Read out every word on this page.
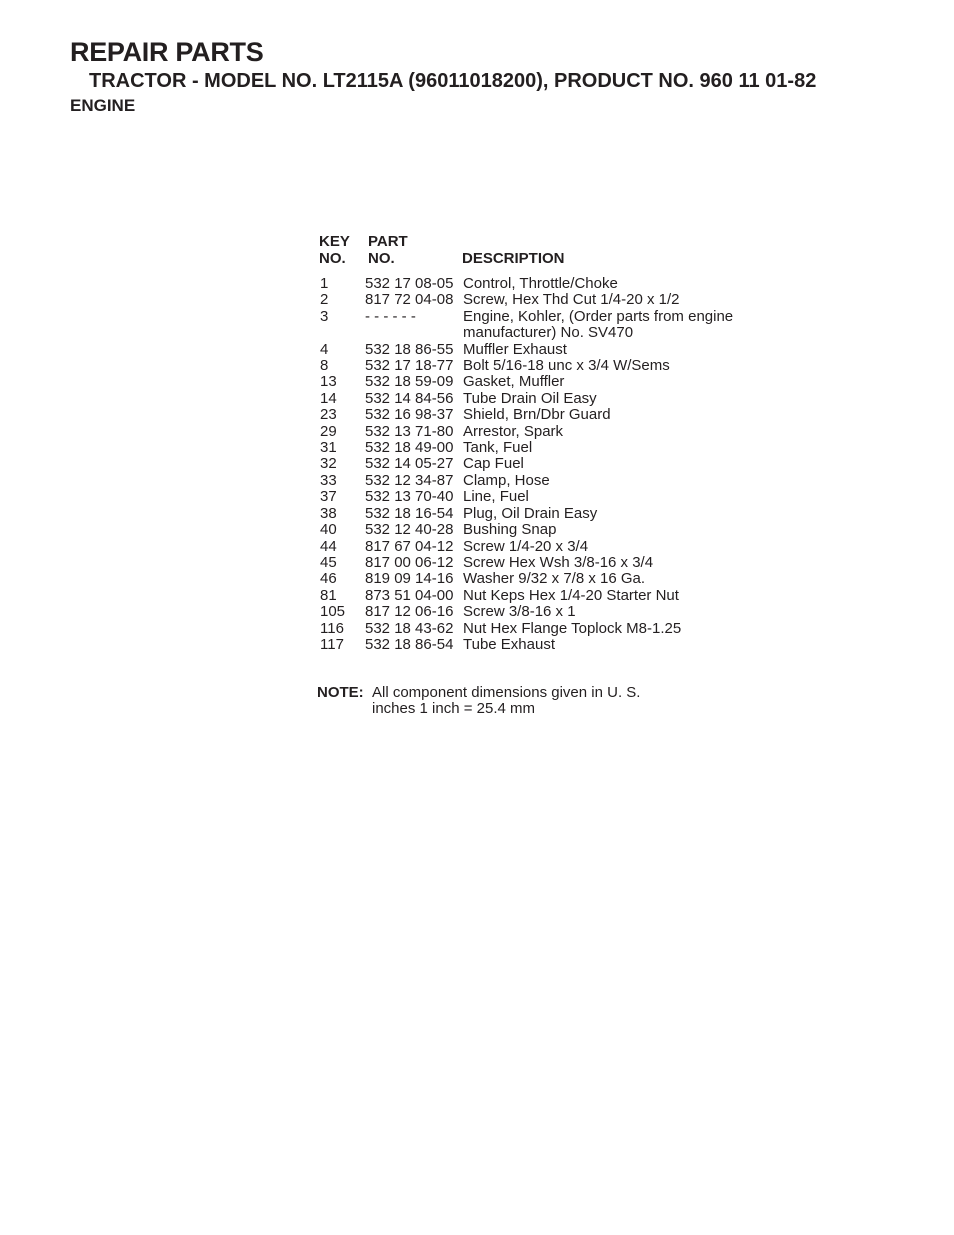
REPAIR PARTS
TRACTOR - MODEL NO. LT2115A (96011018200), PRODUCT NO. 960 11 01-82
ENGINE
KEY
NO.
PART
NO.	DESCRIPTION
1 532 17 08-05 Control, Throttle/Choke
2 817 72 04-08 Screw, Hex Thd Cut 1/4-20 x 1/2
3 - - - - - -	Engine, Kohler, (Order parts from engine manufacturer) No. SV470
4 532 18 86-55 Muffler Exhaust
8 532 17 18-77 Bolt 5/16-18 unc x 3/4 W/Sems
13 532 18 59-09 Gasket, Muffler
14 532 14 84-56 Tube Drain Oil Easy
23 532 16 98-37 Shield, Brn/Dbr Guard
29 532 13 71-80 Arrestor, Spark
31 532 18 49-00 Tank, Fuel
32 532 14 05-27 Cap Fuel
33 532 12 34-87 Clamp, Hose
37 532 13 70-40 Line, Fuel
38 532 18 16-54 Plug, Oil Drain Easy
40 532 12 40-28 Bushing Snap
44 817 67 04-12 Screw 1/4-20 x 3/4
45 817 00 06-12 Screw Hex Wsh 3/8-16 x 3/4
46 819 09 14-16 Washer 9/32 x 7/8 x 16 Ga.
81 873 51 04-00 Nut Keps Hex 1/4-20 Starter Nut
105 817 12 06-16 Screw 3/8-16 x 1
116 532 18 43-62 Nut Hex Flange Toplock M8-1.25
117 532 18 86-54 Tube Exhaust
NOTE: All component dimensions given in U. S. inches 1 inch = 25.4 mm
